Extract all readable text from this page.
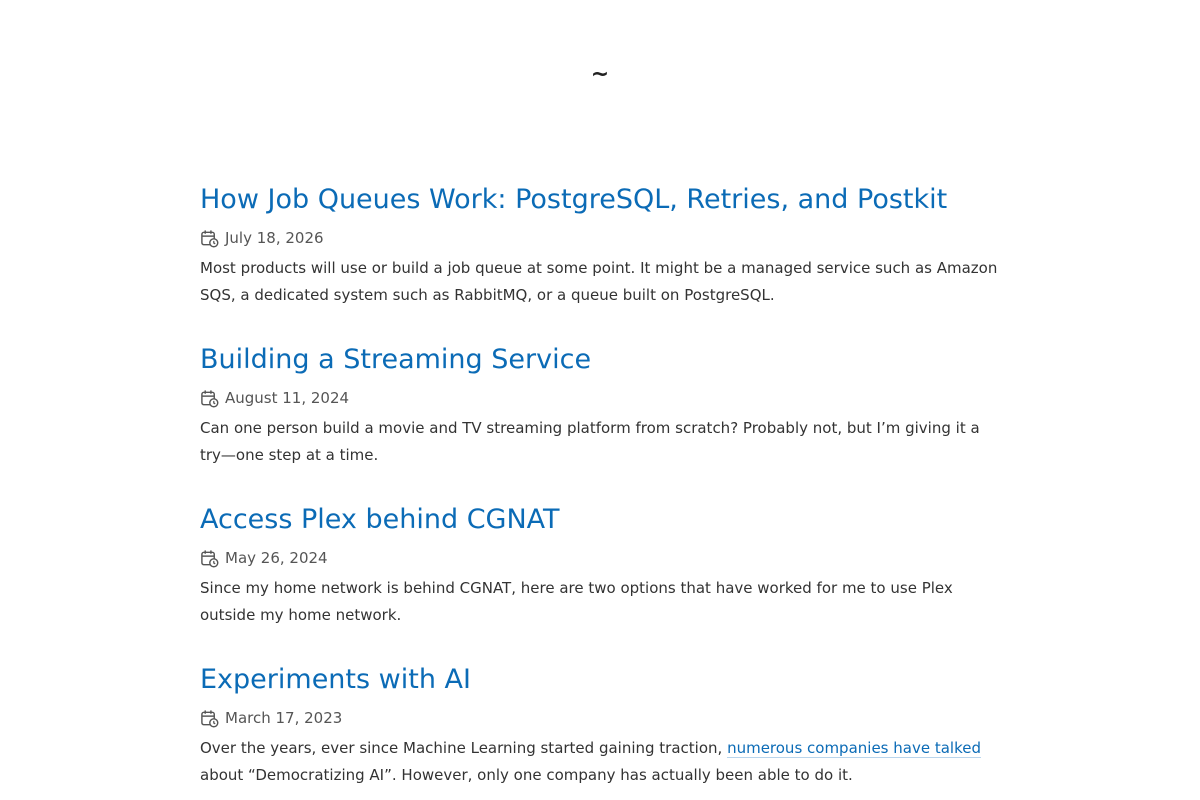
~
How Job Queues Work: PostgreSQL, Retries, and Postkit
July 18, 2026

Most products will use or build a job queue at some point. It might be a managed service such as Amazon SQS, a dedicated system such as RabbitMQ, or a queue built on PostgreSQL.

Building a Streaming Service
August 11, 2024

Can one person build a movie and TV streaming platform from scratch? Probably not, but I’m giving it a try—one step at a time.

Access Plex behind CGNAT
May 26, 2024

Since my home network is behind CGNAT, here are two options that have worked for me to use Plex outside my home network.

Experiments with AI
March 17, 2023

Over the years, ever since Machine Learning started gaining traction, numerous companies have talked about “Democratizing AI”. However, only one company has actually been able to do it.
